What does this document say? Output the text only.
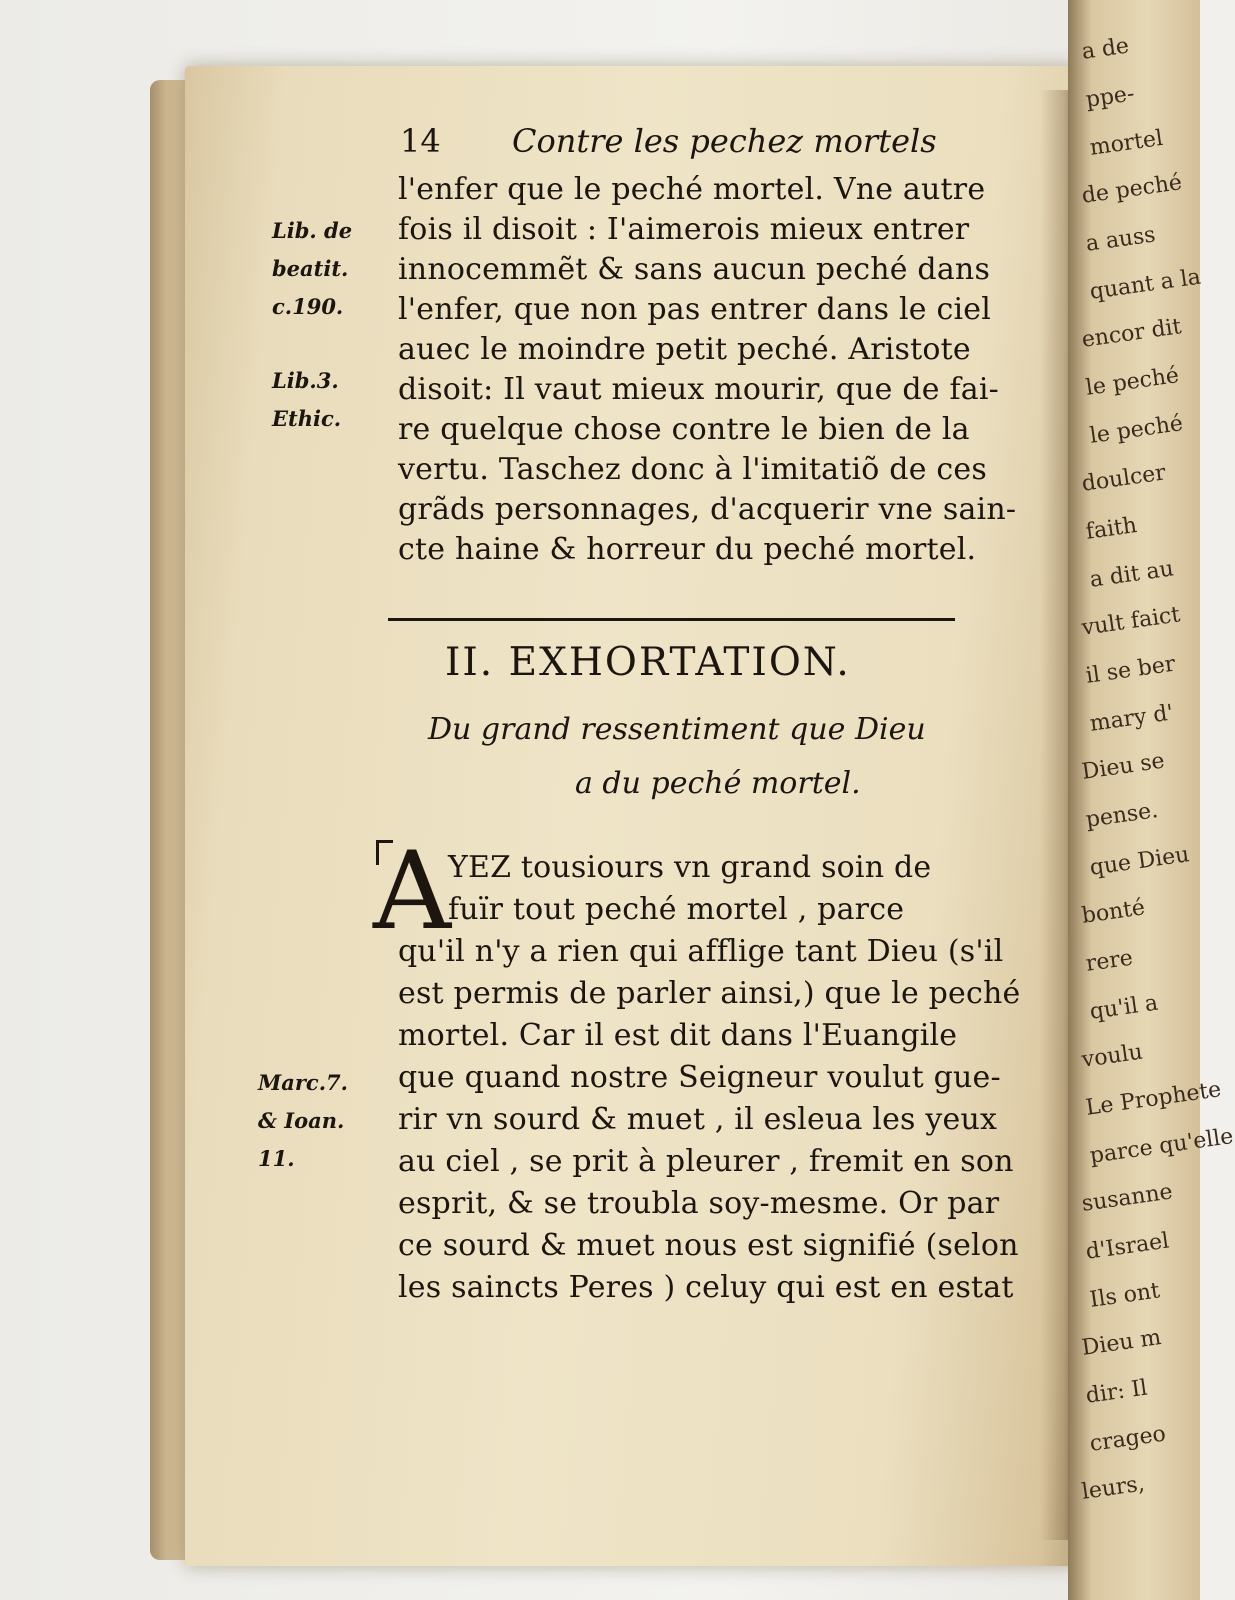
a de
ppe-
mortel
de peché
a auss
quant a la
encor dit
le peché
le peché
doulcer
faith
a dit au
vult faict
il se ber
mary d'
Dieu se
pense.
que Dieu
bonté
rere
qu'il a
voulu
Le Prophete
parce qu'elle
susanne
d'Israel
Ils ont
Dieu m
dir: Il
crageo
leurs,
14 Contre les pechez mortels
l'enfer que le peché mortel. Vne autre
fois il disoit : I'aimerois mieux entrer
innocemmẽt & sans aucun peché dans
l'enfer, que non pas entrer dans le ciel
auec le moindre petit peché. Aristote
disoit: Il vaut mieux mourir, que de fai-
re quelque chose contre le bien de la
vertu. Taschez donc à l'imitatiõ de ces
grãds personnages, d'acquerir vne sain-
cte haine & horreur du peché mortel.
Lib. de
beatit.
c.190.
Lib.3.
Ethic.
II. EXHORTATION.
Du grand ressentiment que Dieu
a du peché mortel.
A
YEZ tousiours vn grand soin de
fuïr tout peché mortel , parce
qu'il n'y a rien qui afflige tant Dieu (s'il
est permis de parler ainsi,) que le peché
mortel. Car il est dit dans l'Euangile
que quand nostre Seigneur voulut gue-
rir vn sourd & muet , il esleua les yeux
au ciel , se prit à pleurer , fremit en son
esprit, & se troubla soy-mesme. Or par
ce sourd & muet nous est signifié (selon
les saincts Peres ) celuy qui est en estat
Marc.7.
& Ioan.
11.
